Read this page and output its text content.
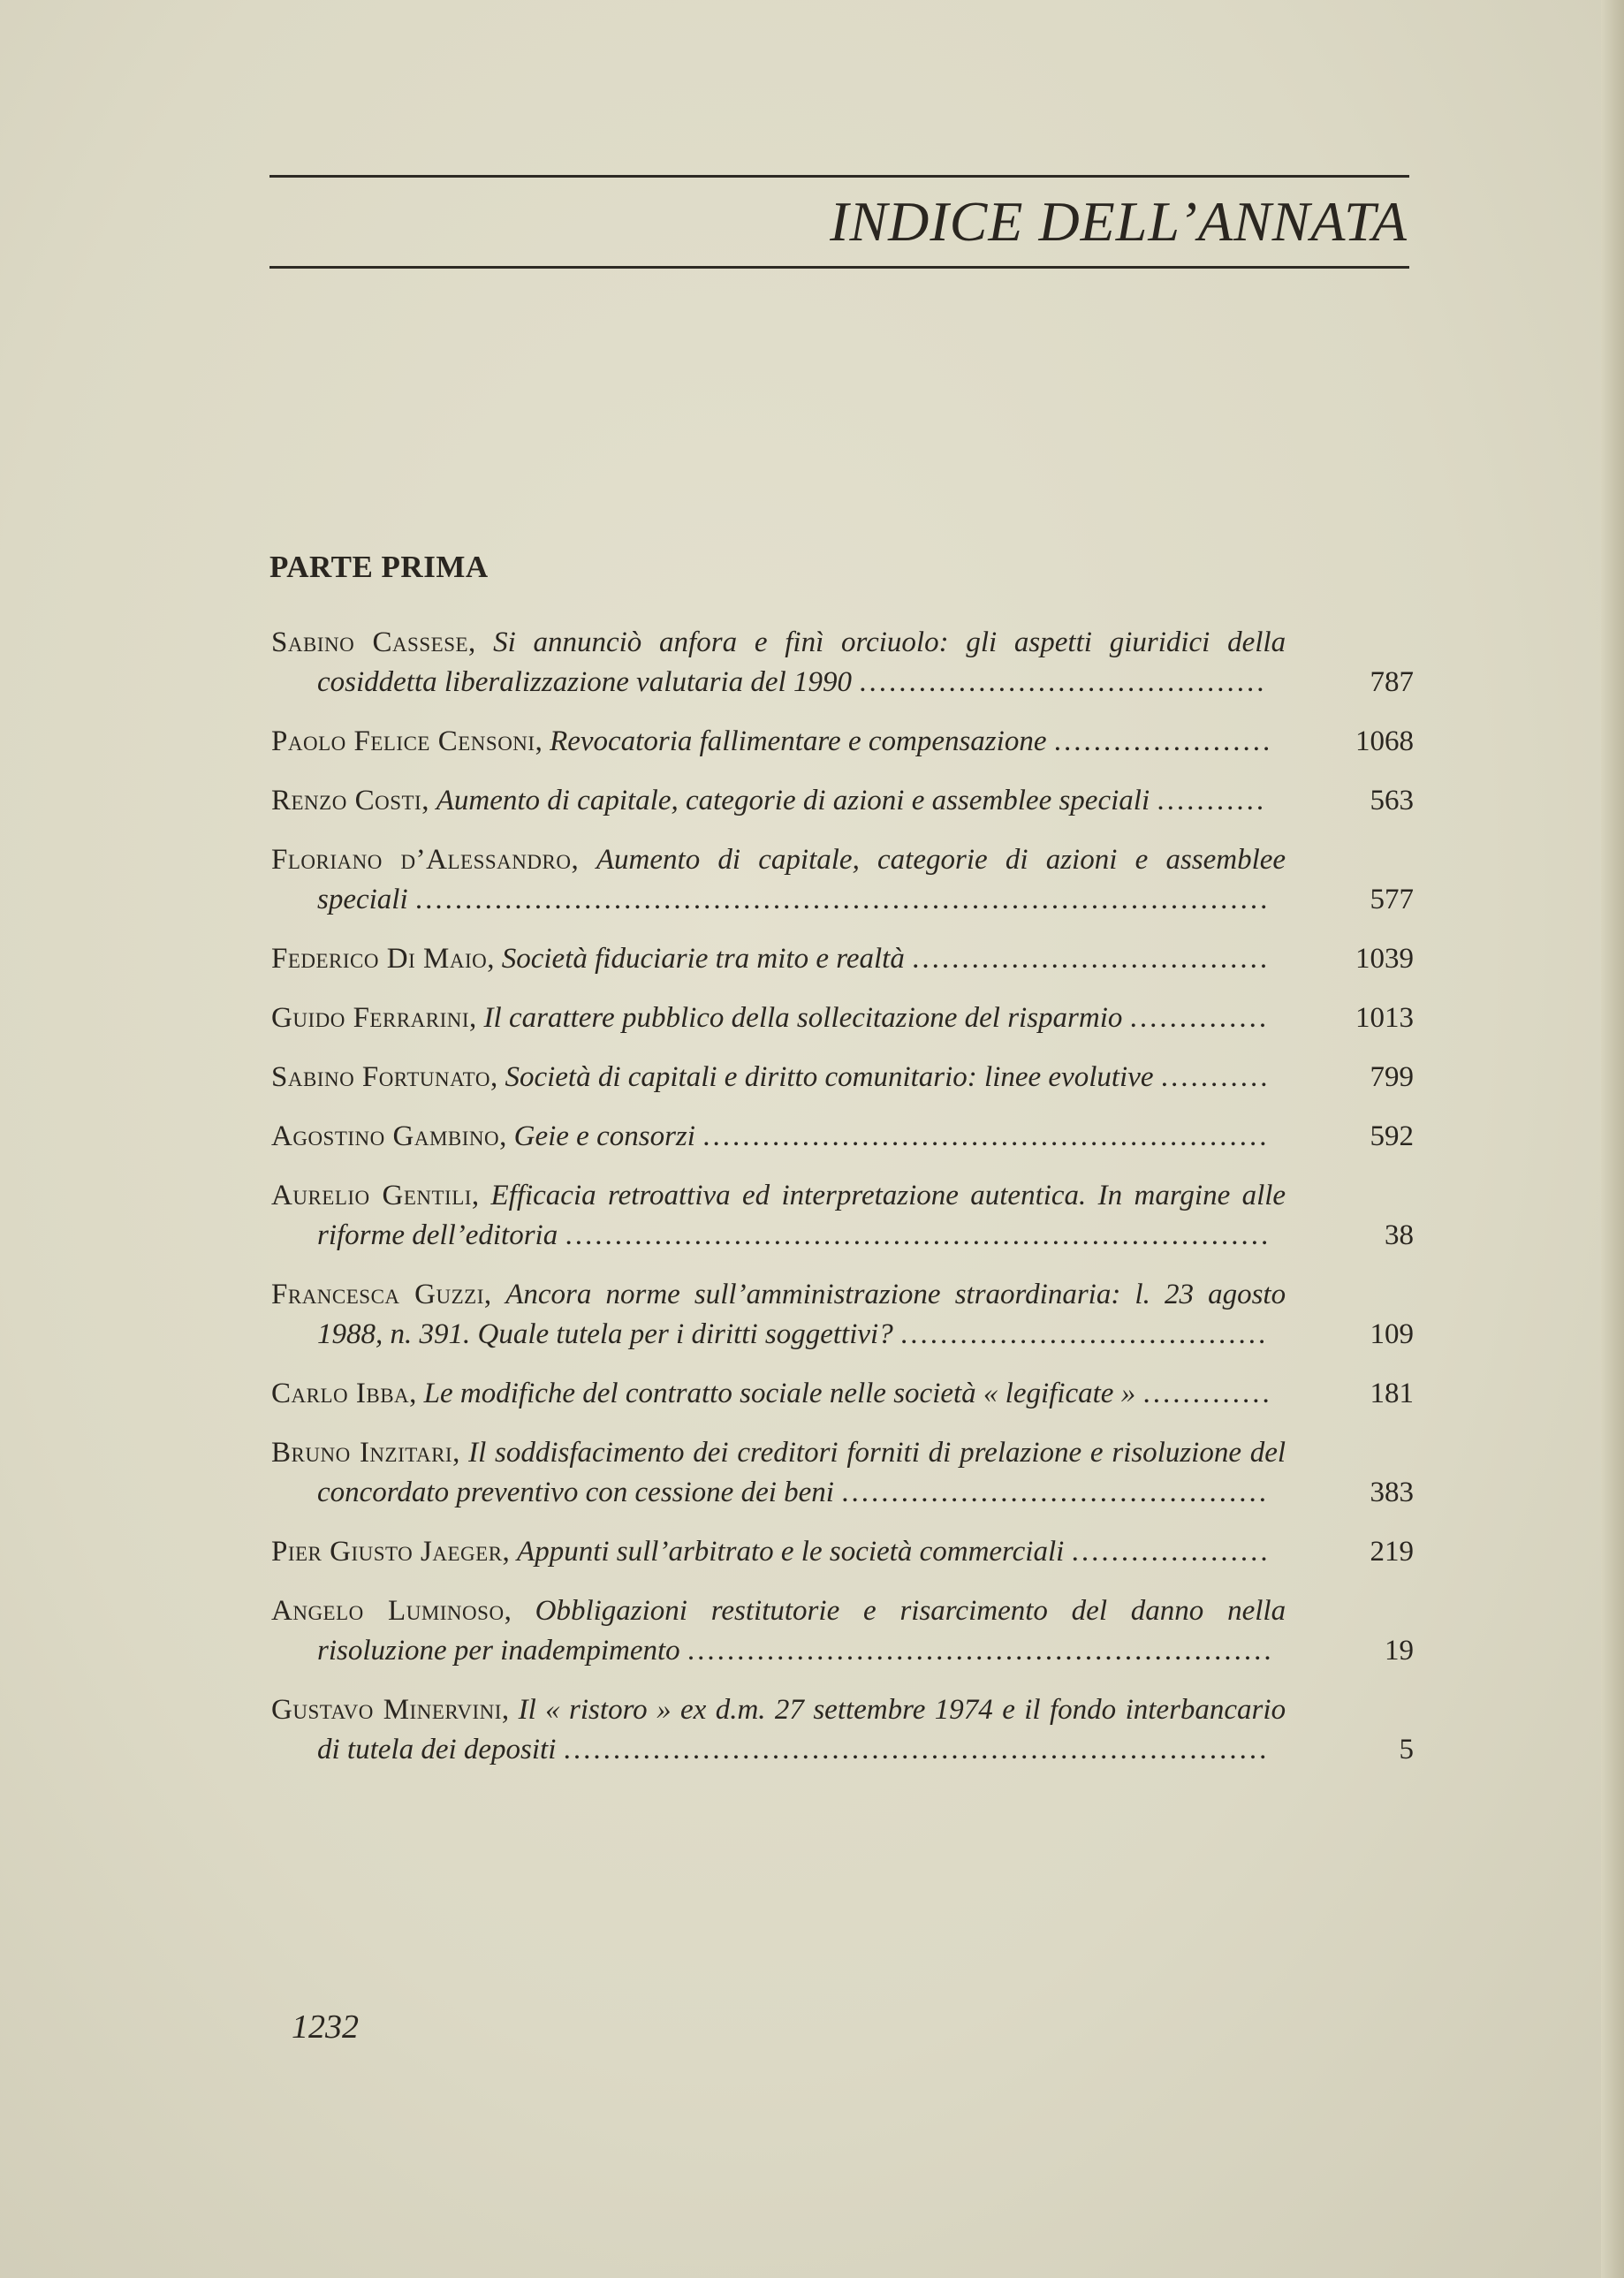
INDICE DELL’ANNATA
PARTE PRIMA
Sabino Cassese, Si annunciò anfora e finì orciuolo: gli aspetti giuridici della cosiddetta liberalizzazione valutaria del 1990 .........................................	787
Paolo Felice Censoni, Revocatoria fallimentare e compensazione ......................	1068
Renzo Costi, Aumento di capitale, categorie di azioni e assemblee speciali ...........	563
Floriano d’Alessandro, Aumento di capitale, categorie di azioni e assemblee speciali ......................................................................................	577
Federico Di Maio, Società fiduciarie tra mito e realtà ....................................	1039
Guido Ferrarini, Il carattere pubblico della sollecitazione del risparmio ..............	1013
Sabino Fortunato, Società di capitali e diritto comunitario: linee evolutive ...........	799
Agostino Gambino, Geie e consorzi .........................................................	592
Aurelio Gentili, Efficacia retroattiva ed interpretazione autentica. In margine alle riforme dell’editoria .......................................................................	38
Francesca Guzzi, Ancora norme sull’amministrazione straordinaria: l. 23 agosto 1988, n. 391. Quale tutela per i diritti soggettivi? .....................................	109
Carlo Ibba, Le modifiche del contratto sociale nelle società « legificate » .............	181
Bruno Inzitari, Il soddisfacimento dei creditori forniti di prelazione e risoluzione del concordato preventivo con cessione dei beni ...........................................	383
Pier Giusto Jaeger, Appunti sull’arbitrato e le società commerciali ....................	219
Angelo Luminoso, Obbligazioni restitutorie e risarcimento del danno nella risoluzione per inadempimento ...........................................................	19
Gustavo Minervini, Il « ristoro » ex d.m. 27 settembre 1974 e il fondo interbancario di tutela dei depositi .......................................................................	5
1232
